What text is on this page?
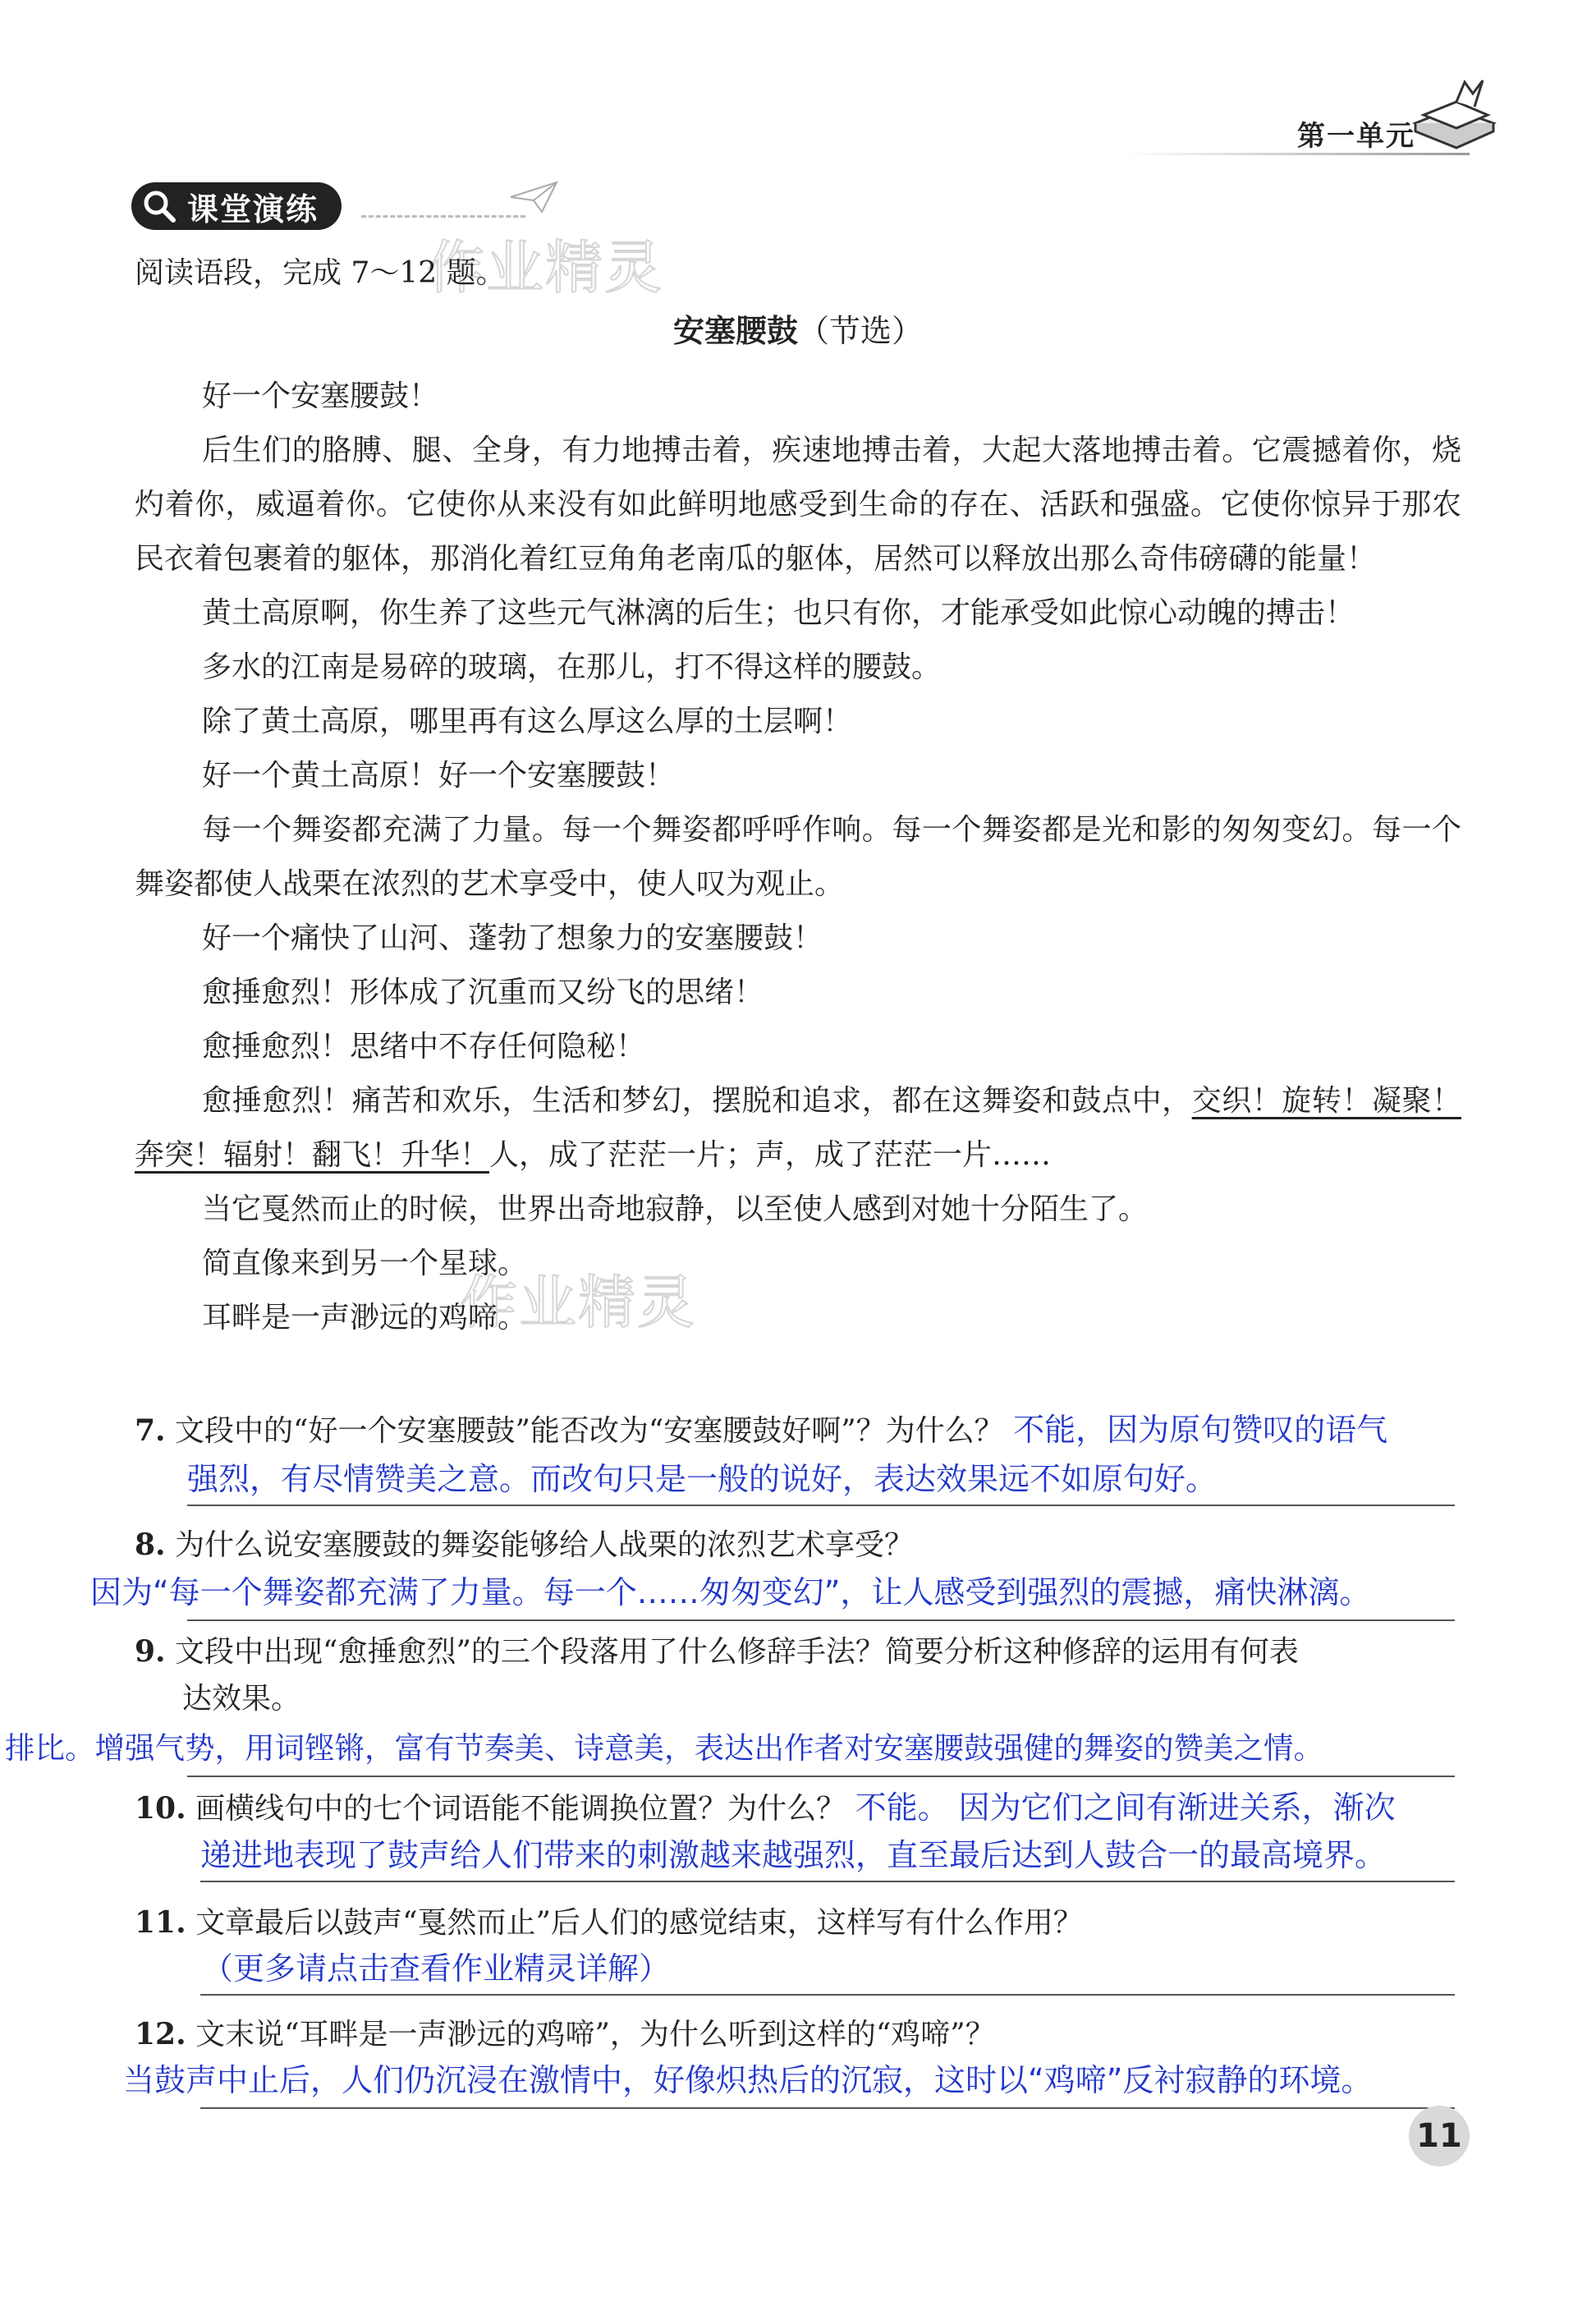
第一单元
课堂演练
作业精灵
作业精灵
阅读语段，完成 7～12 题。
安塞腰鼓（节选）

好一个安塞腰鼓！

后生们的胳膊、腿、全身，有力地搏击着，疾速地搏击着，大起大落地搏击着。它震撼着你，烧灼着你，威逼着你。它使你从来没有如此鲜明地感受到生命的存在、活跃和强盛。它使你惊异于那农民衣着包裹着的躯体，那消化着红豆角角老南瓜的躯体，居然可以释放出那么奇伟磅礴的能量！

黄土高原啊，你生养了这些元气淋漓的后生；也只有你，才能承受如此惊心动魄的搏击！

多水的江南是易碎的玻璃，在那儿，打不得这样的腰鼓。

除了黄土高原，哪里再有这么厚这么厚的土层啊！

好一个黄土高原！好一个安塞腰鼓！

每一个舞姿都充满了力量。每一个舞姿都呼呼作响。每一个舞姿都是光和影的匆匆变幻。每一个舞姿都使人战栗在浓烈的艺术享受中，使人叹为观止。

好一个痛快了山河、蓬勃了想象力的安塞腰鼓！

愈捶愈烈！形体成了沉重而又纷飞的思绪！

愈捶愈烈！思绪中不存任何隐秘！

愈捶愈烈！痛苦和欢乐，生活和梦幻，摆脱和追求，都在这舞姿和鼓点中，交织！旋转！凝聚！奔突！辐射！翻飞！升华！人，成了茫茫一片；声，成了茫茫一片……

当它戛然而止的时候，世界出奇地寂静，以至使人感到对她十分陌生了。

简直像来到另一个星球。

耳畔是一声渺远的鸡啼。

7. 文段中的“好一个安塞腰鼓”能否改为“安塞腰鼓好啊”？为什么？ 不能，因为原句赞叹的语气
强烈，有尽情赞美之意。而改句只是一般的说好，表达效果远不如原句好。
8. 为什么说安塞腰鼓的舞姿能够给人战栗的浓烈艺术享受？
因为“每一个舞姿都充满了力量。每一个……匆匆变幻”，让人感受到强烈的震撼，痛快淋漓。
9. 文段中出现“愈捶愈烈”的三个段落用了什么修辞手法？简要分析这种修辞的运用有何表
达效果。
排比。增强气势，用词铿锵，富有节奏美、诗意美，表达出作者对安塞腰鼓强健的舞姿的赞美之情。
10. 画横线句中的七个词语能不能调换位置？为什么？ 不能。 因为它们之间有渐进关系，渐次
递进地表现了鼓声给人们带来的刺激越来越强烈，直至最后达到人鼓合一的最高境界。
11. 文章最后以鼓声“戛然而止”后人们的感觉结束，这样写有什么作用？
（更多请点击查看作业精灵详解）
12. 文末说“耳畔是一声渺远的鸡啼”，为什么听到这样的“鸡啼”？
当鼓声中止后，人们仍沉浸在激情中，好像炽热后的沉寂，这时以“鸡啼”反衬寂静的环境。
11
